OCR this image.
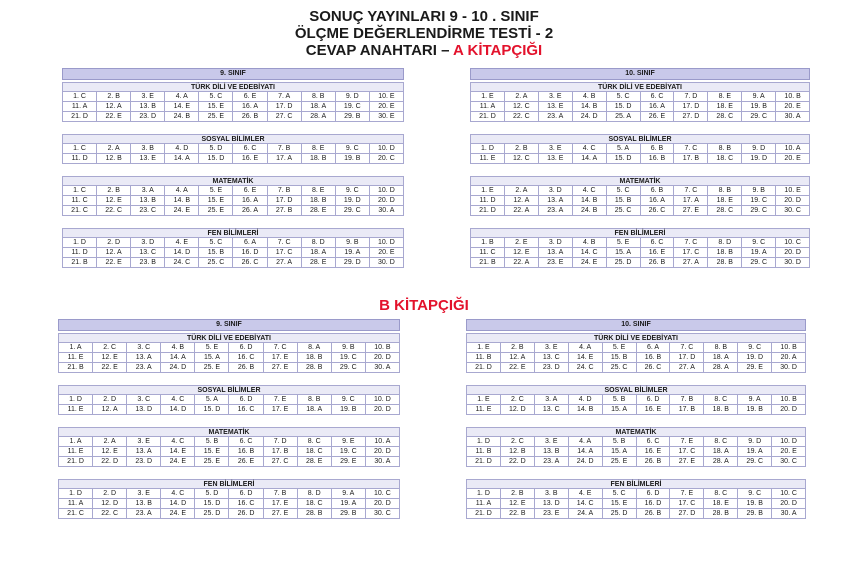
SONUÇ YAYINLARI 9 - 10 . SINIF
ÖLÇME DEĞERLENDİRME TESTİ - 2
CEVAP ANAHTARI – A KİTAPÇIĞI
B KİTAPÇIĞI
9. SINIF
TÜRK DİLİ VE EDEBİYATI
1. C	2. B	3. E	4. A	5. C	6. E	7. A	8. B	9. D	10. E
11. A	12. A	13. B	14. E	15. E	16. A	17. D	18. A	19. C	20. E
21. D	22. E	23. D	24. B	25. E	26. B	27. C	28. A	29. B	30. E
SOSYAL BİLİMLER
1. C	2. A	3. B	4. D	5. D	6. C	7. B	8. E	9. C	10. D
11. D	12. B	13. E	14. A	15. D	16. E	17. A	18. B	19. B	20. C
MATEMATİK
1. C	2. B	3. A	4. A	5. E	6. E	7. B	8. E	9. C	10. D
11. C	12. E	13. B	14. B	15. E	16. A	17. D	18. B	19. D	20. D
21. C	22. C	23. C	24. E	25. E	26. A	27. B	28. E	29. C	30. A
FEN BİLİMLERİ
1. D	2. D	3. D	4. E	5. C	6. A	7. C	8. D	9. B	10. D
11. D	12. A	13. C	14. D	15. B	16. D	17. C	18. A	19. A	20. E
21. B	22. E	23. B	24. C	25. C	26. C	27. A	28. E	29. D	30. D
10. SINIF
TÜRK DİLİ VE EDEBİYATI
1. E	2. A	3. E	4. B	5. C	6. C	7. D	8. E	9. A	10. B
11. A	12. C	13. E	14. B	15. D	16. A	17. D	18. E	19. B	20. E
21. D	22. C	23. A	24. D	25. A	26. E	27. D	28. C	29. C	30. A
SOSYAL BİLİMLER
1. D	2. B	3. E	4. C	5. A	6. B	7. C	8. B	9. D	10. A
11. E	12. C	13. E	14. A	15. D	16. B	17. B	18. C	19. D	20. E
MATEMATİK
1. E	2. A	3. D	4. C	5. C	6. B	7. C	8. B	9. B	10. E
11. D	12. A	13. A	14. B	15. B	16. A	17. A	18. E	19. C	20. D
21. D	22. A	23. A	24. B	25. C	26. C	27. E	28. C	29. C	30. C
FEN BİLİMLERİ
1. B	2. E	3. D	4. B	5. E	6. C	7. C	8. D	9. C	10. C
11. C	12. E	13. A	14. C	15. A	16. E	17. C	18. B	19. A	20. D
21. B	22. A	23. E	24. E	25. D	26. B	27. A	28. B	29. C	30. D
9. SINIF
TÜRK DİLİ VE EDEBİYATI
1. A	2. C	3. C	4. B	5. E	6. D	7. C	8. A	9. B	10. B
11. E	12. E	13. A	14. A	15. A	16. C	17. E	18. B	19. C	20. D
21. B	22. E	23. A	24. D	25. E	26. B	27. E	28. B	29. C	30. A
SOSYAL BİLİMLER
1. D	2. D	3. C	4. C	5. A	6. D	7. E	8. B	9. C	10. D
11. E	12. A	13. D	14. D	15. D	16. C	17. E	18. A	19. B	20. D
MATEMATİK
1. A	2. A	3. E	4. C	5. B	6. C	7. D	8. C	9. E	10. A
11. E	12. E	13. A	14. E	15. E	16. B	17. B	18. C	19. C	20. D
21. D	22. D	23. D	24. E	25. E	26. E	27. C	28. E	29. E	30. A
FEN BİLİMLERİ
1. D	2. D	3. E	4. C	5. D	6. D	7. B	8. D	9. A	10. C
11. A	12. D	13. B	14. D	15. D	16. C	17. E	18. C	19. A	20. D
21. C	22. C	23. A	24. E	25. D	26. D	27. E	28. B	29. B	30. C
10. SINIF
TÜRK DİLİ VE EDEBİYATI
1. E	2. B	3. E	4. A	5. E	6. A	7. C	8. B	9. C	10. B
11. B	12. A	13. C	14. E	15. B	16. B	17. D	18. A	19. D	20. A
21. D	22. E	23. D	24. C	25. C	26. C	27. A	28. A	29. E	30. D
SOSYAL BİLİMLER
1. E	2. C	3. A	4. D	5. B	6. D	7. B	8. C	9. A	10. B
11. E	12. D	13. C	14. B	15. A	16. E	17. B	18. B	19. B	20. D
MATEMATİK
1. D	2. C	3. E	4. A	5. B	6. C	7. E	8. C	9. D	10. D
11. B	12. B	13. B	14. A	15. A	16. E	17. C	18. A	19. A	20. E
21. D	22. D	23. A	24. D	25. E	26. B	27. E	28. A	29. C	30. C
FEN BİLİMLERİ
1. D	2. B	3. B	4. E	5. C	6. D	7. E	8. C	9. C	10. C
11. A	12. E	13. D	14. C	15. E	16. D	17. C	18. E	19. B	20. D
21. D	22. B	23. E	24. A	25. D	26. B	27. D	28. B	29. B	30. A
